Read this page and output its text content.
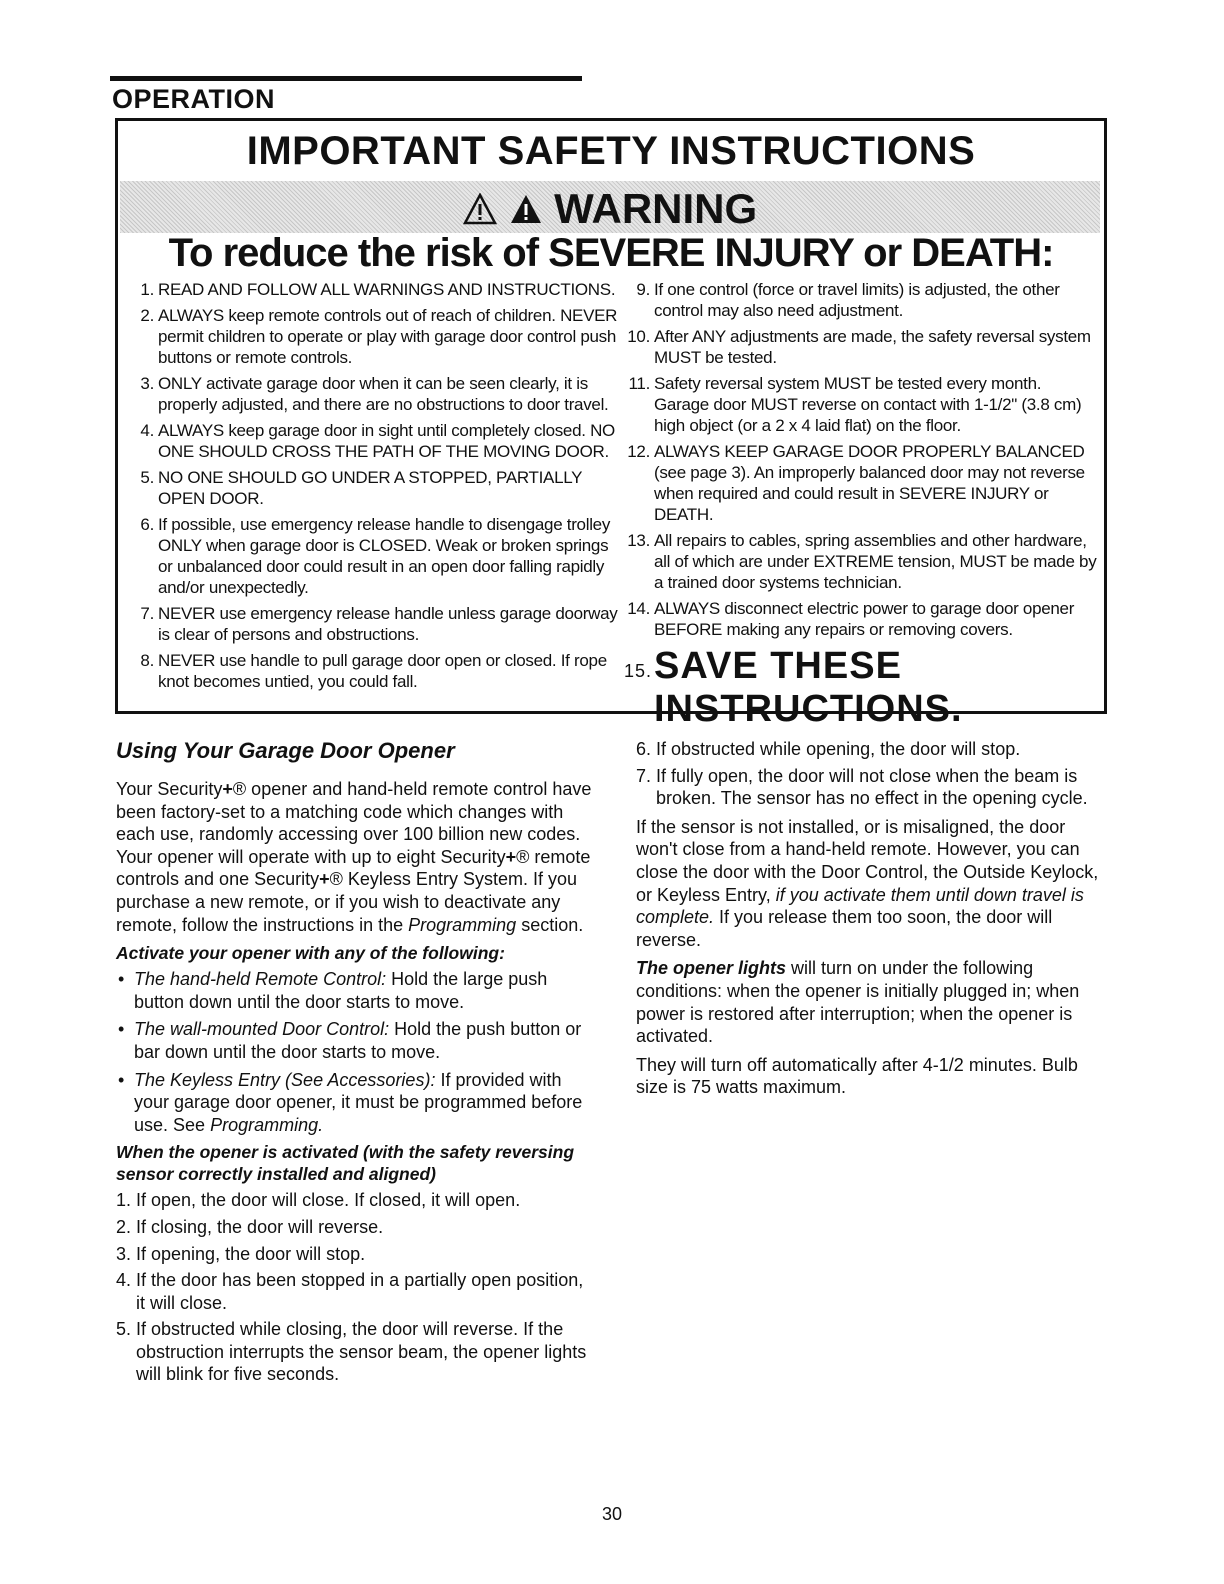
OPERATION
IMPORTANT SAFETY INSTRUCTIONS
WARNING
To reduce the risk of SEVERE INJURY or DEATH:
1. READ AND FOLLOW ALL WARNINGS AND INSTRUCTIONS.
2. ALWAYS keep remote controls out of reach of children. NEVER permit children to operate or play with garage door control push buttons or remote controls.
3. ONLY activate garage door when it can be seen clearly, it is properly adjusted, and there are no obstructions to door travel.
4. ALWAYS keep garage door in sight until completely closed. NO ONE SHOULD CROSS THE PATH OF THE MOVING DOOR.
5. NO ONE SHOULD GO UNDER A STOPPED, PARTIALLY OPEN DOOR.
6. If possible, use emergency release handle to disengage trolley ONLY when garage door is CLOSED. Weak or broken springs or unbalanced door could result in an open door falling rapidly and/or unexpectedly.
7. NEVER use emergency release handle unless garage doorway is clear of persons and obstructions.
8. NEVER use handle to pull garage door open or closed. If rope knot becomes untied, you could fall.
9. If one control (force or travel limits) is adjusted, the other control may also need adjustment.
10. After ANY adjustments are made, the safety reversal system MUST be tested.
11. Safety reversal system MUST be tested every month. Garage door MUST reverse on contact with 1-1/2" (3.8 cm) high object (or a 2 x 4 laid flat) on the floor.
12. ALWAYS KEEP GARAGE DOOR PROPERLY BALANCED (see page 3). An improperly balanced door may not reverse when required and could result in SEVERE INJURY or DEATH.
13. All repairs to cables, spring assemblies and other hardware, all of which are under EXTREME tension, MUST be made by a trained door systems technician.
14. ALWAYS disconnect electric power to garage door opener BEFORE making any repairs or removing covers.
15. SAVE THESE INSTRUCTIONS.
Using Your Garage Door Opener

Your Security+® opener and hand-held remote control have been factory-set to a matching code which changes with each use, randomly accessing over 100 billion new codes. Your opener will operate with up to eight Security+® remote controls and one Security+® Keyless Entry System. If you purchase a new remote, or if you wish to deactivate any remote, follow the instructions in the Programming section.

Activate your opener with any of the following:
• The hand-held Remote Control: Hold the large push button down until the door starts to move.
• The wall-mounted Door Control: Hold the push button or bar down until the door starts to move.
• The Keyless Entry (See Accessories): If provided with your garage door opener, it must be programmed before use. See Programming.
When the opener is activated (with the safety reversing sensor correctly installed and aligned)
1. If open, the door will close. If closed, it will open.
2. If closing, the door will reverse.
3. If opening, the door will stop.
4. If the door has been stopped in a partially open position, it will close.
5. If obstructed while closing, the door will reverse. If the obstruction interrupts the sensor beam, the opener lights will blink for five seconds.
6. If obstructed while opening, the door will stop.
7. If fully open, the door will not close when the beam is broken. The sensor has no effect in the opening cycle.

If the sensor is not installed, or is misaligned, the door won't close from a hand-held remote. However, you can close the door with the Door Control, the Outside Keylock, or Keyless Entry, if you activate them until down travel is complete. If you release them too soon, the door will reverse.

The opener lights will turn on under the following conditions: when the opener is initially plugged in; when power is restored after interruption; when the opener is activated.

They will turn off automatically after 4-1/2 minutes. Bulb size is 75 watts maximum.

30
